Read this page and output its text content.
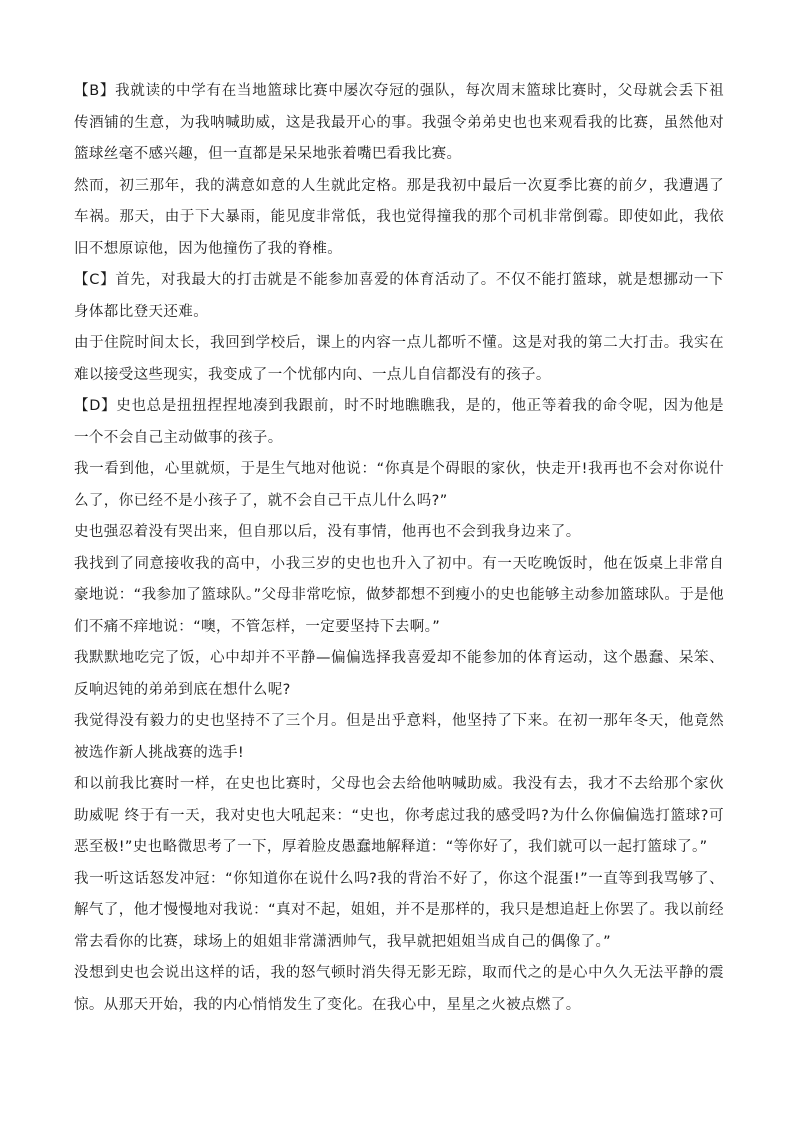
【B】我就读的中学有在当地篮球比赛中屡次夺冠的强队，每次周末篮球比赛时，父母就会丢下祖传酒铺的生意，为我呐喊助威，这是我最开心的事。我强令弟弟史也也来观看我的比赛，虽然他对篮球丝毫不感兴趣，但一直都是呆呆地张着嘴巴看我比赛。

然而，初三那年，我的满意如意的人生就此定格。那是我初中最后一次夏季比赛的前夕，我遭遇了车祸。那天，由于下大暴雨，能见度非常低，我也觉得撞我的那个司机非常倒霉。即使如此，我依旧不想原谅他，因为他撞伤了我的脊椎。

【C】首先，对我最大的打击就是不能参加喜爱的体育活动了。不仅不能打篮球，就是想挪动一下身体都比登天还难。

由于住院时间太长，我回到学校后，课上的内容一点儿都听不懂。这是对我的第二大打击。我实在难以接受这些现实，我变成了一个忧郁内向、一点儿自信都没有的孩子。

【D】史也总是扭扭捏捏地凑到我跟前，时不时地瞧瞧我，是的，他正等着我的命令呢，因为他是一个不会自己主动做事的孩子。

我一看到他，心里就烦，于是生气地对他说：“你真是个碍眼的家伙，快走开!我再也不会对你说什么了，你已经不是小孩子了，就不会自己干点儿什么吗?”

史也强忍着没有哭出来，但自那以后，没有事情，他再也不会到我身边来了。

我找到了同意接收我的高中，小我三岁的史也也升入了初中。有一天吃晚饭时，他在饭桌上非常自豪地说：“我参加了篮球队。”父母非常吃惊，做梦都想不到瘦小的史也能够主动参加篮球队。于是他们不痛不痒地说：“噢，不管怎样，一定要坚持下去啊。”

我默默地吃完了饭，心中却并不平静—偏偏选择我喜爱却不能参加的体育运动，这个愚蠢、呆笨、反响迟钝的弟弟到底在想什么呢?

我觉得没有毅力的史也坚持不了三个月。但是出乎意料，他坚持了下来。在初一那年冬天，他竟然被选作新人挑战赛的选手!

和以前我比赛时一样，在史也比赛时，父母也会去给他呐喊助威。我没有去，我才不去给那个家伙助威呢 终于有一天，我对史也大吼起来：“史也，你考虑过我的感受吗?为什么你偏偏选打篮球?可恶至极!”史也略微思考了一下，厚着脸皮愚蠢地解释道：“等你好了，我们就可以一起打篮球了。”

我一听这话怒发冲冠：“你知道你在说什么吗?我的背治不好了，你这个混蛋!”一直等到我骂够了、解气了，他才慢慢地对我说：“真对不起，姐姐，并不是那样的，我只是想追赶上你罢了。我以前经常去看你的比赛，球场上的姐姐非常潇洒帅气，我早就把姐姐当成自己的偶像了。”

没想到史也会说出这样的话，我的怒气顿时消失得无影无踪，取而代之的是心中久久无法平静的震惊。从那天开始，我的内心悄悄发生了变化。在我心中，星星之火被点燃了。
